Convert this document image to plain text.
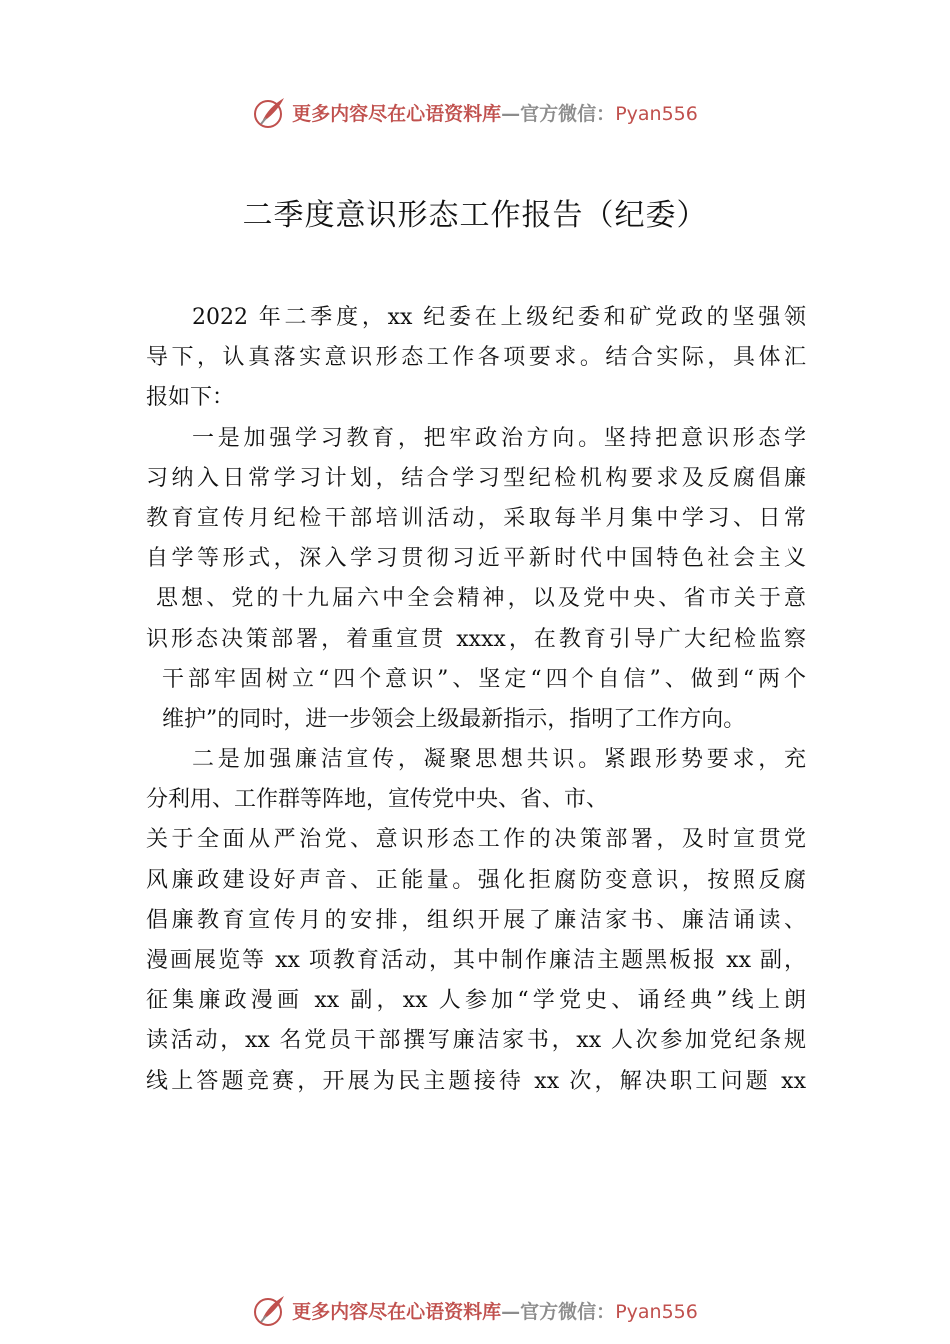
更多内容尽在心语资料库—官方微信：Pyan556
二季度意识形态工作报告（纪委）
2022 年二季度，xx 纪委在上级纪委和矿党政的坚强领
导下，认真落实意识形态工作各项要求。结合实际，具体汇
报如下：
一是加强学习教育，把牢政治方向。坚持把意识形态学
习纳入日常学习计划，结合学习型纪检机构要求及反腐倡廉
教育宣传月纪检干部培训活动，采取每半月集中学习、日常
自学等形式，深入学习贯彻习近平新时代中国特色社会主义
思想、党的十九届六中全会精神，以及党中央、省市关于意
识形态决策部署，着重宣贯 xxxx，在教育引导广大纪检监察
干部牢固树立“四个意识”、坚定“四个自信”、做到“两个
维护”的同时，进一步领会上级最新指示，指明了工作方向。
二是加强廉洁宣传，凝聚思想共识。紧跟形势要求，充
分利用、工作群等阵地，宣传党中央、省、市、
关于全面从严治党、意识形态工作的决策部署，及时宣贯党
风廉政建设好声音、正能量。强化拒腐防变意识，按照反腐
倡廉教育宣传月的安排，组织开展了廉洁家书、廉洁诵读、
漫画展览等 xx 项教育活动，其中制作廉洁主题黑板报 xx 副，
征集廉政漫画 xx 副，xx 人参加“学党史、诵经典”线上朗
读活动，xx 名党员干部撰写廉洁家书，xx 人次参加党纪条规
线上答题竞赛，开展为民主题接待 xx 次，解决职工问题 xx
更多内容尽在心语资料库—官方微信：Pyan556
